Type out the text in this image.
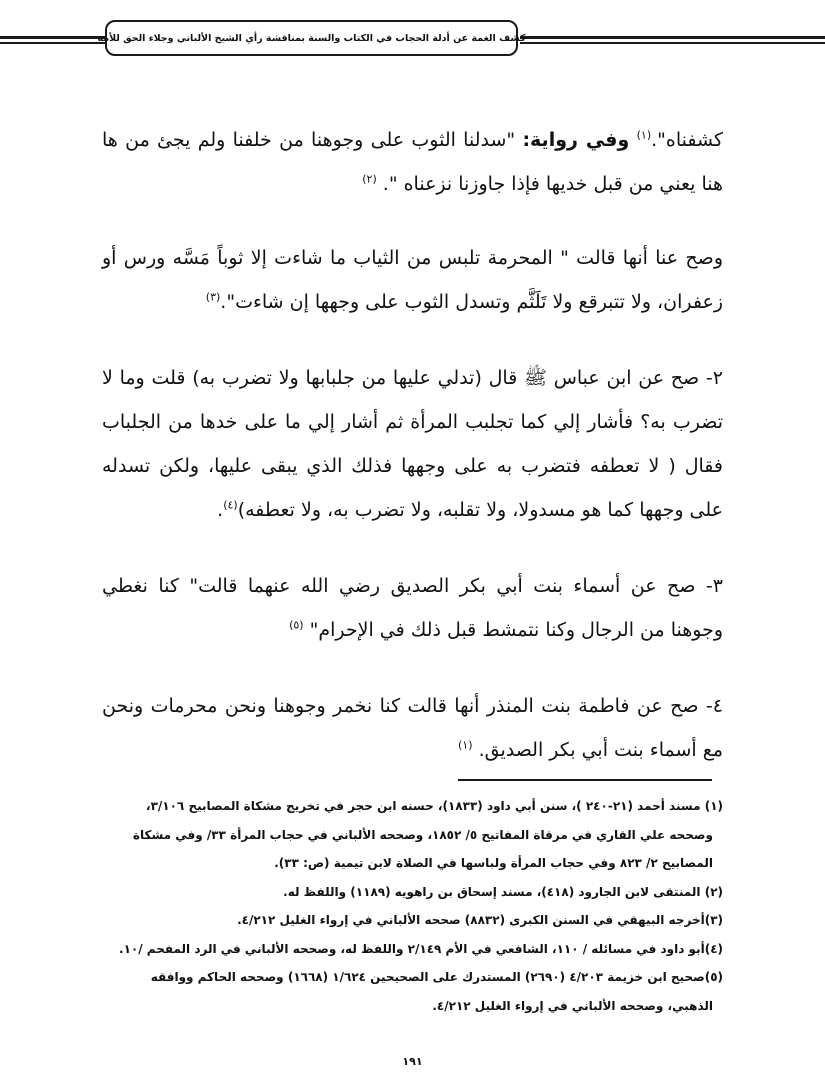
كشف الغمة عن أدلة الحجاب في الكتاب والسنة بمناقشة رأي الشيخ الألباني وجلاء الحق للأمة

كشفناه".$^{(١)}$ وفي رواية: "سدلنا الثوب على وجوهنا من خلفنا ولم يجئ من ها هنا يعني من قبل خديها فإذا جاوزنا نزعناه ". $^{(٢)}$

وصح عنا أنها قالت " المحرمة تلبس من الثياب ما شاءت إلا ثوباً مَسَّه ورس أو زعفران، ولا تتبرقع ولا تَلَثَّم وتسدل الثوب على وجهها إن شاءت".$^{(٣)}$

٢- صح عن ابن عباس ﷺ قال (تدلي عليها من جلبابها ولا تضرب به) قلت وما لا تضرب به؟ فأشار إلي كما تجلبب المرأة ثم أشار إلي ما على خدها من الجلباب فقال ( لا تعطفه فتضرب به على وجهها فذلك الذي يبقى عليها، ولكن تسدله على وجهها كما هو مسدولا، ولا تقلبه، ولا تضرب به، ولا تعطفه)$^{(٤)}$.

٣- صح عن أسماء بنت أبي بكر الصديق رضي الله عنهما قالت" كنا نغطي وجوهنا من الرجال وكنا نتمشط قبل ذلك في الإحرام" $^{(٥)}$

٤- صح عن فاطمة بنت المنذر أنها قالت كنا نخمر وجوهنا ونحن محرمات ونحن مع أسماء بنت أبي بكر الصديق. $^{(١)}$

(١) مسند أحمد (٢١-٢٤٠ )، سنن أبي داود (١٨٣٣)، حسنه ابن حجر في تخريج مشكاة المصابيح ٣/١٠٦،
وصححه علي القاري في مرقاة المفاتيح ٥/ ١٨٥٢، وصححه الألباني في حجاب المرأة ٣٣/ وفي مشكاة
المصابيح ٢/ ٨٢٣ وفي حجاب المرأة ولباسها في الصلاة لابن تيمية (ص: ٣٣).

(٢) المنتقى لابن الجارود (٤١٨)، مسند إسحاق بن راهويه (١١٨٩) واللفظ له.

(٣)أخرجه البيهقي في السنن الكبرى (٨٨٣٢) صححه الألباني في إرواء الغليل ٤/٢١٢.

(٤)أبو داود في مسائله / ١١٠، الشافعي في الأم ٢/١٤٩ واللفظ له، وصححه الألباني في الرد المفحم /١٠.

(٥)صحيح ابن خزيمة ٤/٢٠٣ (٢٦٩٠) المستدرك على الصحيحين ١/٦٢٤ (١٦٦٨) وصححه الحاكم ووافقه
الذهبي، وصححه الألباني في إرواء الغليل ٤/٢١٢.

١٩١
